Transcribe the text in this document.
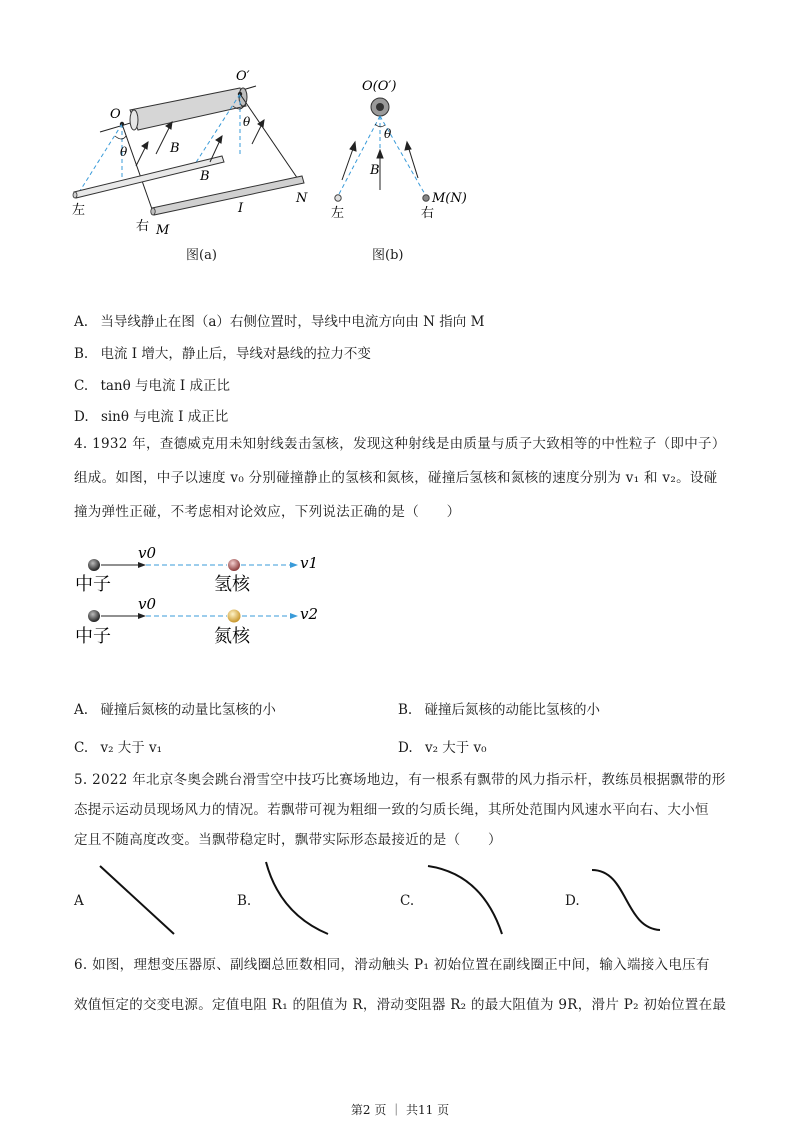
O
O′
θ
θ
B
B
I
N
M
左
右
图(a)
O(O′)
θ
B
左	右
M(N)
图(b)
A. 当导线静止在图（a）右侧位置时，导线中电流方向由 N 指向 M
B. 电流 I 增大，静止后，导线对悬线的拉力不变
C. tanθ 与电流 I 成正比
D. sinθ 与电流 I 成正比
4. 1932 年，查德威克用未知射线轰击氢核，发现这种射线是由质量与质子大致相等的中性粒子（即中子）
组成。如图，中子以速度 v₀ 分别碰撞静止的氢核和氮核，碰撞后氢核和氮核的速度分别为 v₁ 和 v₂。设碰
撞为弹性正碰，不考虑相对论效应，下列说法正确的是（　　）
v0
v1
中子	氢核
v0
v2
中子	氮核
A. 碰撞后氮核的动量比氢核的小	B. 碰撞后氮核的动能比氢核的小
C. v₂ 大于 v₁	D. v₂ 大于 v₀
5. 2022 年北京冬奥会跳台滑雪空中技巧比赛场地边，有一根系有飘带的风力指示杆，教练员根据飘带的形
态提示运动员现场风力的情况。若飘带可视为粗细一致的匀质长绳，其所处范围内风速水平向右、大小恒
定且不随高度改变。当飘带稳定时，飘带实际形态最接近的是（　　）
A	B.	C.	D.
6. 如图，理想变压器原、副线圈总匝数相同，滑动触头 P₁ 初始位置在副线圈正中间，输入端接入电压有
效值恒定的交变电源。定值电阻 R₁ 的阻值为 R，滑动变阻器 R₂ 的最大阻值为 9R，滑片 P₂ 初始位置在最
第2 页 ｜ 共11 页
